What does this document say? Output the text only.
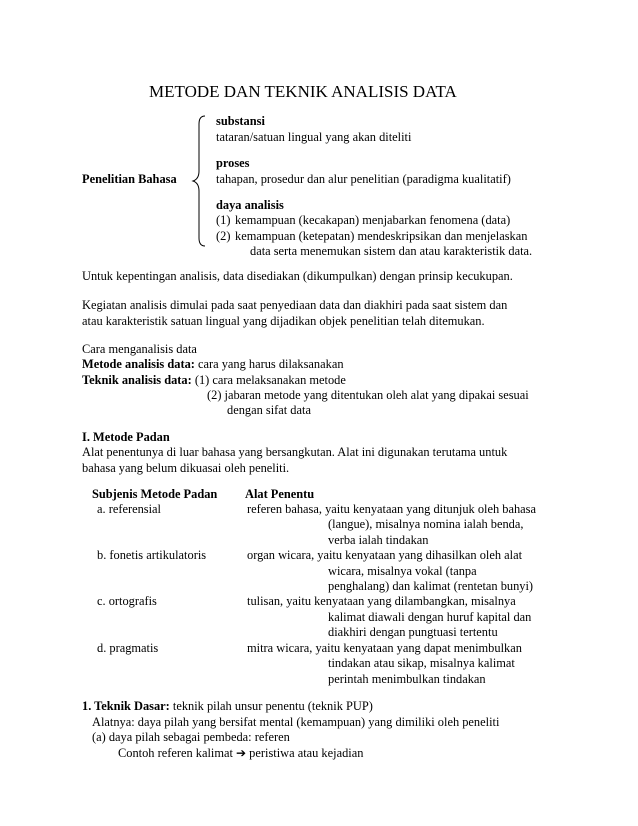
METODE DAN TEKNIK ANALISIS DATA
Penelitian Bahasa
substansi
tataran/satuan lingual yang akan diteliti
proses
tahapan, prosedur dan alur penelitian (paradigma kualitatif)
daya analisis
(1) kemampuan (kecakapan) menjabarkan fenomena (data)
(2) kemampuan (ketepatan) mendeskripsikan dan menjelaskan
data serta menemukan sistem dan atau karakteristik data.
Untuk kepentingan analisis, data disediakan (dikumpulkan) dengan prinsip kecukupan.
Kegiatan analisis dimulai pada saat penyediaan data dan diakhiri pada saat sistem dan
atau karakteristik satuan lingual yang dijadikan objek penelitian telah ditemukan.
Cara menganalisis data
Metode analisis data: cara yang harus dilaksanakan
Teknik analisis data: (1) cara melaksanakan metode
(2) jabaran metode yang ditentukan oleh alat yang dipakai sesuai
dengan sifat data
I. Metode Padan
Alat penentunya di luar bahasa yang bersangkutan. Alat ini digunakan terutama untuk
bahasa yang belum dikuasai oleh peneliti.
Subjenis Metode Padan Alat Penentu
a. referensial	referen bahasa, yaitu kenyataan yang ditunjuk oleh bahasa
(langue), misalnya nomina ialah benda,
verba ialah tindakan
b. fonetis artikulatoris	organ wicara, yaitu kenyataan yang dihasilkan oleh alat
wicara, misalnya vokal (tanpa
penghalang) dan kalimat (rentetan bunyi)
c. ortografis	tulisan, yaitu kenyataan yang dilambangkan, misalnya
kalimat diawali dengan huruf kapital dan
diakhiri dengan pungtuasi tertentu
d. pragmatis	mitra wicara, yaitu kenyataan yang dapat menimbulkan
tindakan atau sikap, misalnya kalimat
perintah menimbulkan tindakan
1. Teknik Dasar: teknik pilah unsur penentu (teknik PUP)
Alatnya: daya pilah yang bersifat mental (kemampuan) yang dimiliki oleh peneliti
(a) daya pilah sebagai pembeda: referen
Contoh referen kalimat ➔ peristiwa atau kejadian
